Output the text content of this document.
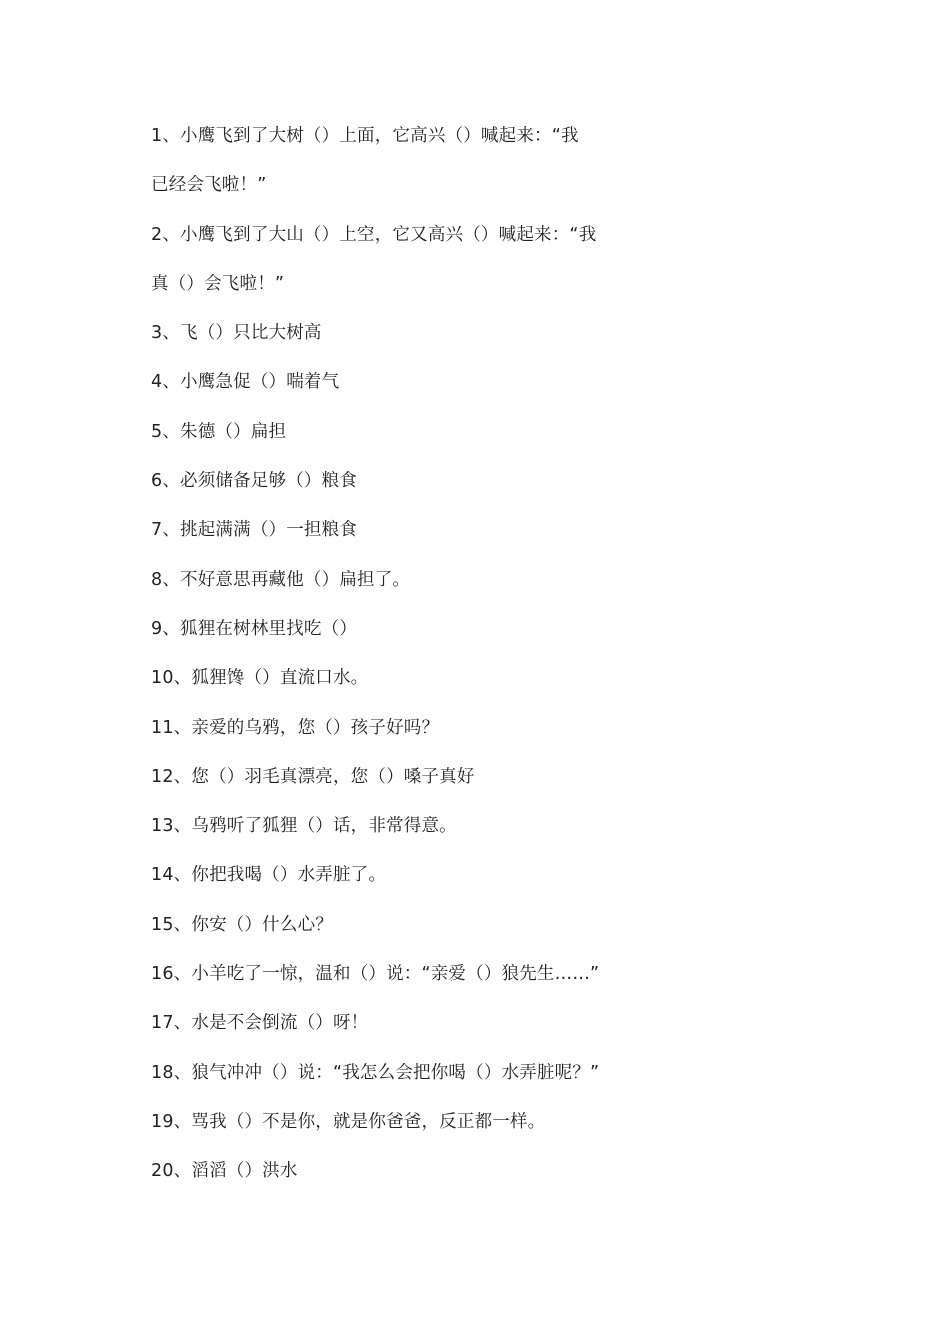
1、小鹰飞到了大树（）上面，它高兴（）喊起来：“我
已经会飞啦！”
2、小鹰飞到了大山（）上空，它又高兴（）喊起来：“我
真（）会飞啦！”
3、飞（）只比大树高
4、小鹰急促（）喘着气
5、朱德（）扁担
6、必须储备足够（）粮食
7、挑起满满（）一担粮食
8、不好意思再藏他（）扁担了。
9、狐狸在树林里找吃（）
10、狐狸馋（）直流口水。
11、亲爱的乌鸦，您（）孩子好吗？
12、您（）羽毛真漂亮，您（）嗓子真好
13、乌鸦听了狐狸（）话，非常得意。
14、你把我喝（）水弄脏了。
15、你安（）什么心？
16、小羊吃了一惊，温和（）说：“亲爱（）狼先生……”
17、水是不会倒流（）呀！
18、狼气冲冲（）说：“我怎么会把你喝（）水弄脏呢？”
19、骂我（）不是你，就是你爸爸，反正都一样。
20、滔滔（）洪水
